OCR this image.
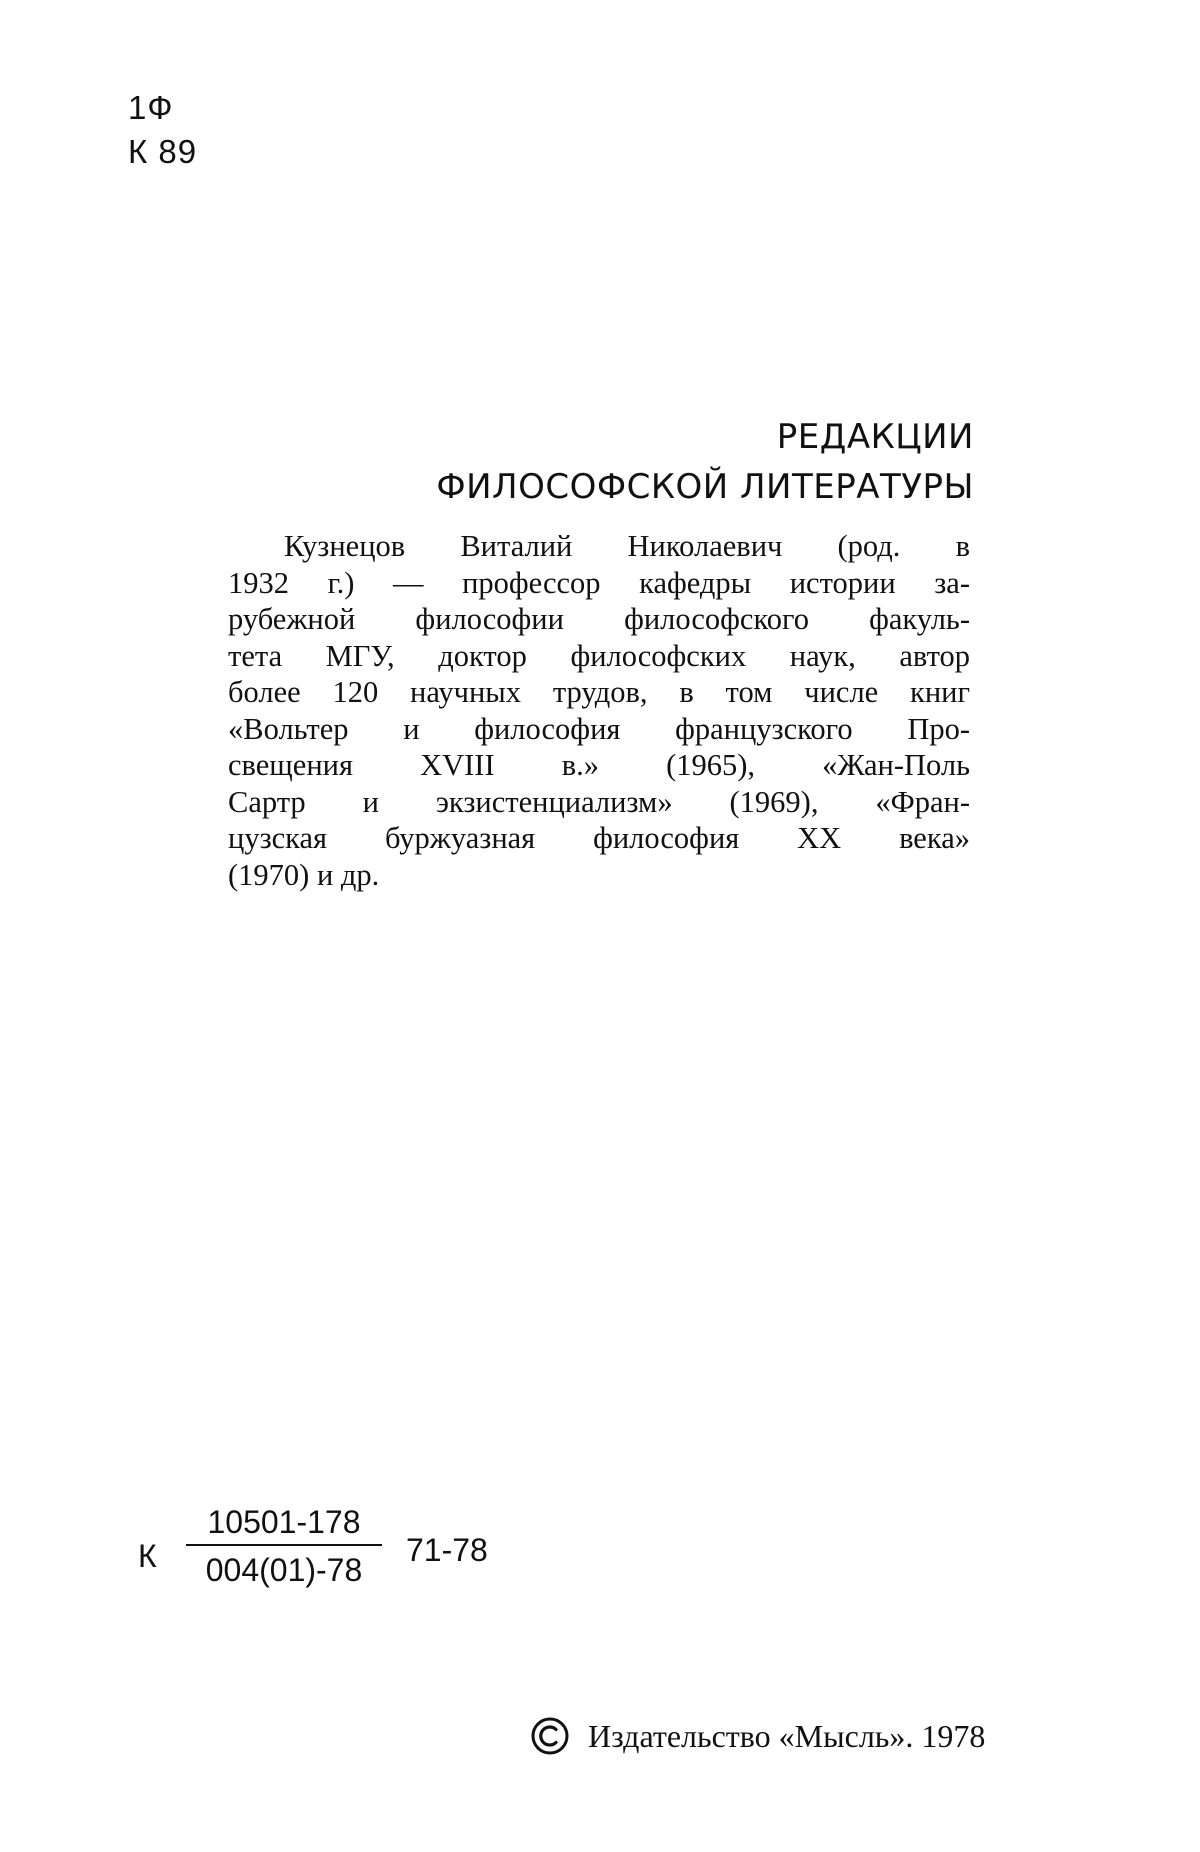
1Ф
К 89
РЕДАКЦИИ
ФИЛОСОФСКОЙ ЛИТЕРАТУРЫ
Кузнецов Виталий Николаевич (род. в
1932 г.) — профессор кафедры истории за-
рубежной философии философского факуль-
тета МГУ, доктор философских наук, автор
более 120 научных трудов, в том числе книг
«Вольтер и философия французского Про-
свещения XVIII в.» (1965), «Жан-Поль
Сартр и экзистенциализм» (1969), «Фран-
цузская буржуазная философия XX века»
(1970) и др.
К
10501-178
004(01)-78
71-78
Издательство «Мысль». 1978
